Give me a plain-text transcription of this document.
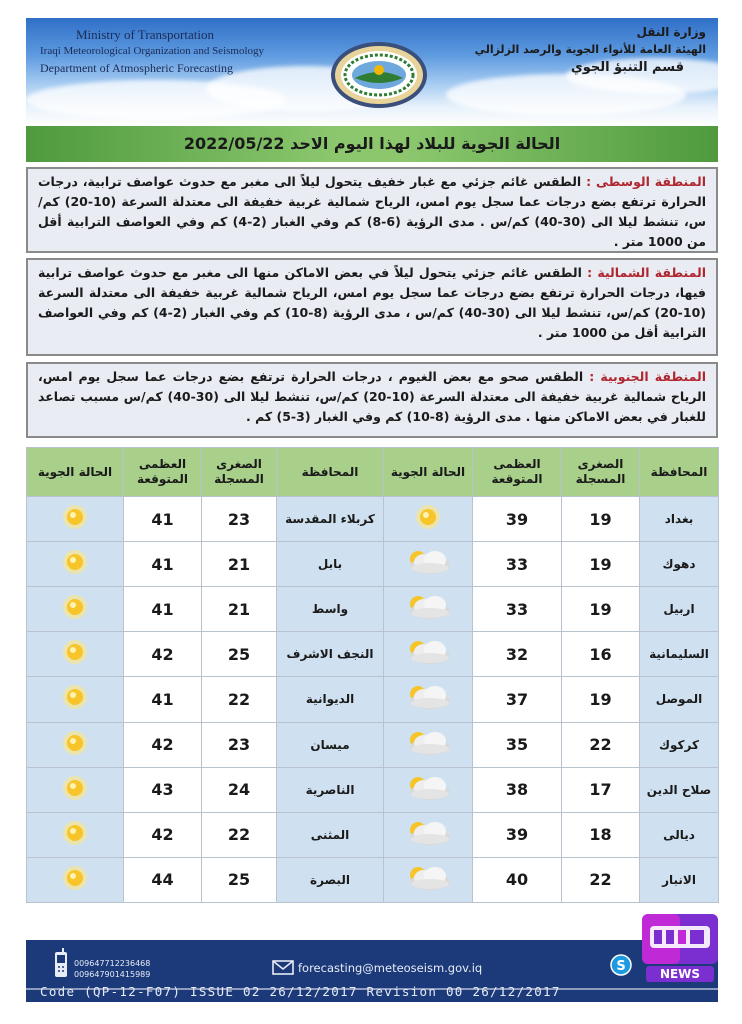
Ministry of Transportation
Iraqi Meteorological Organization and Seismology
Department of Atmospheric Forecasting
وزارة النقل
الهيئة العامة للأنواء الجوية والرصد الزلزالي
قسم التنبؤ الجوي
الحالة الجوية للبلاد لهذا اليوم الاحد 2022/05/22
المنطقة الوسطى : الطقس غائم جزئي مع غبار خفيف يتحول ليلاً الى مغبر مع حدوث عواصف ترابية، درجات الحرارة ترتفع بضع درجات عما سجل يوم امس، الرياح شمالية غربية خفيفة الى معتدلة السرعة (10-20) كم/س، تنشط ليلا الى (30-40) كم/س . مدى الرؤية (6-8) كم وفي الغبار (2-4) كم وفي العواصف الترابية أقل من 1000 متر .
المنطقة الشمالية : الطقس غائم جزئي يتحول ليلاً في بعض الاماكن منها الى مغبر مع حدوث عواصف ترابية فيها، درجات الحرارة ترتفع بضع درجات عما سجل يوم امس، الرياح شمالية غربية خفيفة الى معتدلة السرعة (10-20) كم/س، تنشط ليلا الى (30-40) كم/س ، مدى الرؤية (8-10) كم وفي الغبار (2-4) كم وفي العواصف الترابية أقل من 1000 متر .
المنطقة الجنوبية : الطقس صحو مع بعض الغيوم ، درجات الحرارة ترتفع بضع درجات عما سجل يوم امس، الرياح شمالية غربية خفيفة الى معتدلة السرعة (10-20) كم/س، تنشط ليلا الى (30-40) كم/س مسبب تصاعد للغبار في بعض الاماكن منها . مدى الرؤية (8-10) كم وفي الغبار (3-5) كم .
الحالة الجوية	العظمى المتوقعة	الصغرى المسجلة	المحافظة	الحالة الجوية	العظمى المتوقعة	الصغرى المسجلة	المحافظة
	41	23	كربلاء المقدسة		39	19	بغداد
	41	21	بابل		33	19	دهوك
	41	21	واسط		33	19	اربيل
	42	25	النجف الاشرف		32	16	السليمانية
	41	22	الديوانية		37	19	الموصل
	42	23	ميسان		35	22	كركوك
	43	24	الناصرية		38	17	صلاح الدين
	42	22	المثنى		39	18	ديالى
	44	25	البصرة		40	22	الانبار
009647712236468
009647901415989	forecasting@meteoseism.gov.iq	S
Code (QP-12-F07) ISSUE 02 26/12/2017 Revision 00 26/12/2017
NEWS
